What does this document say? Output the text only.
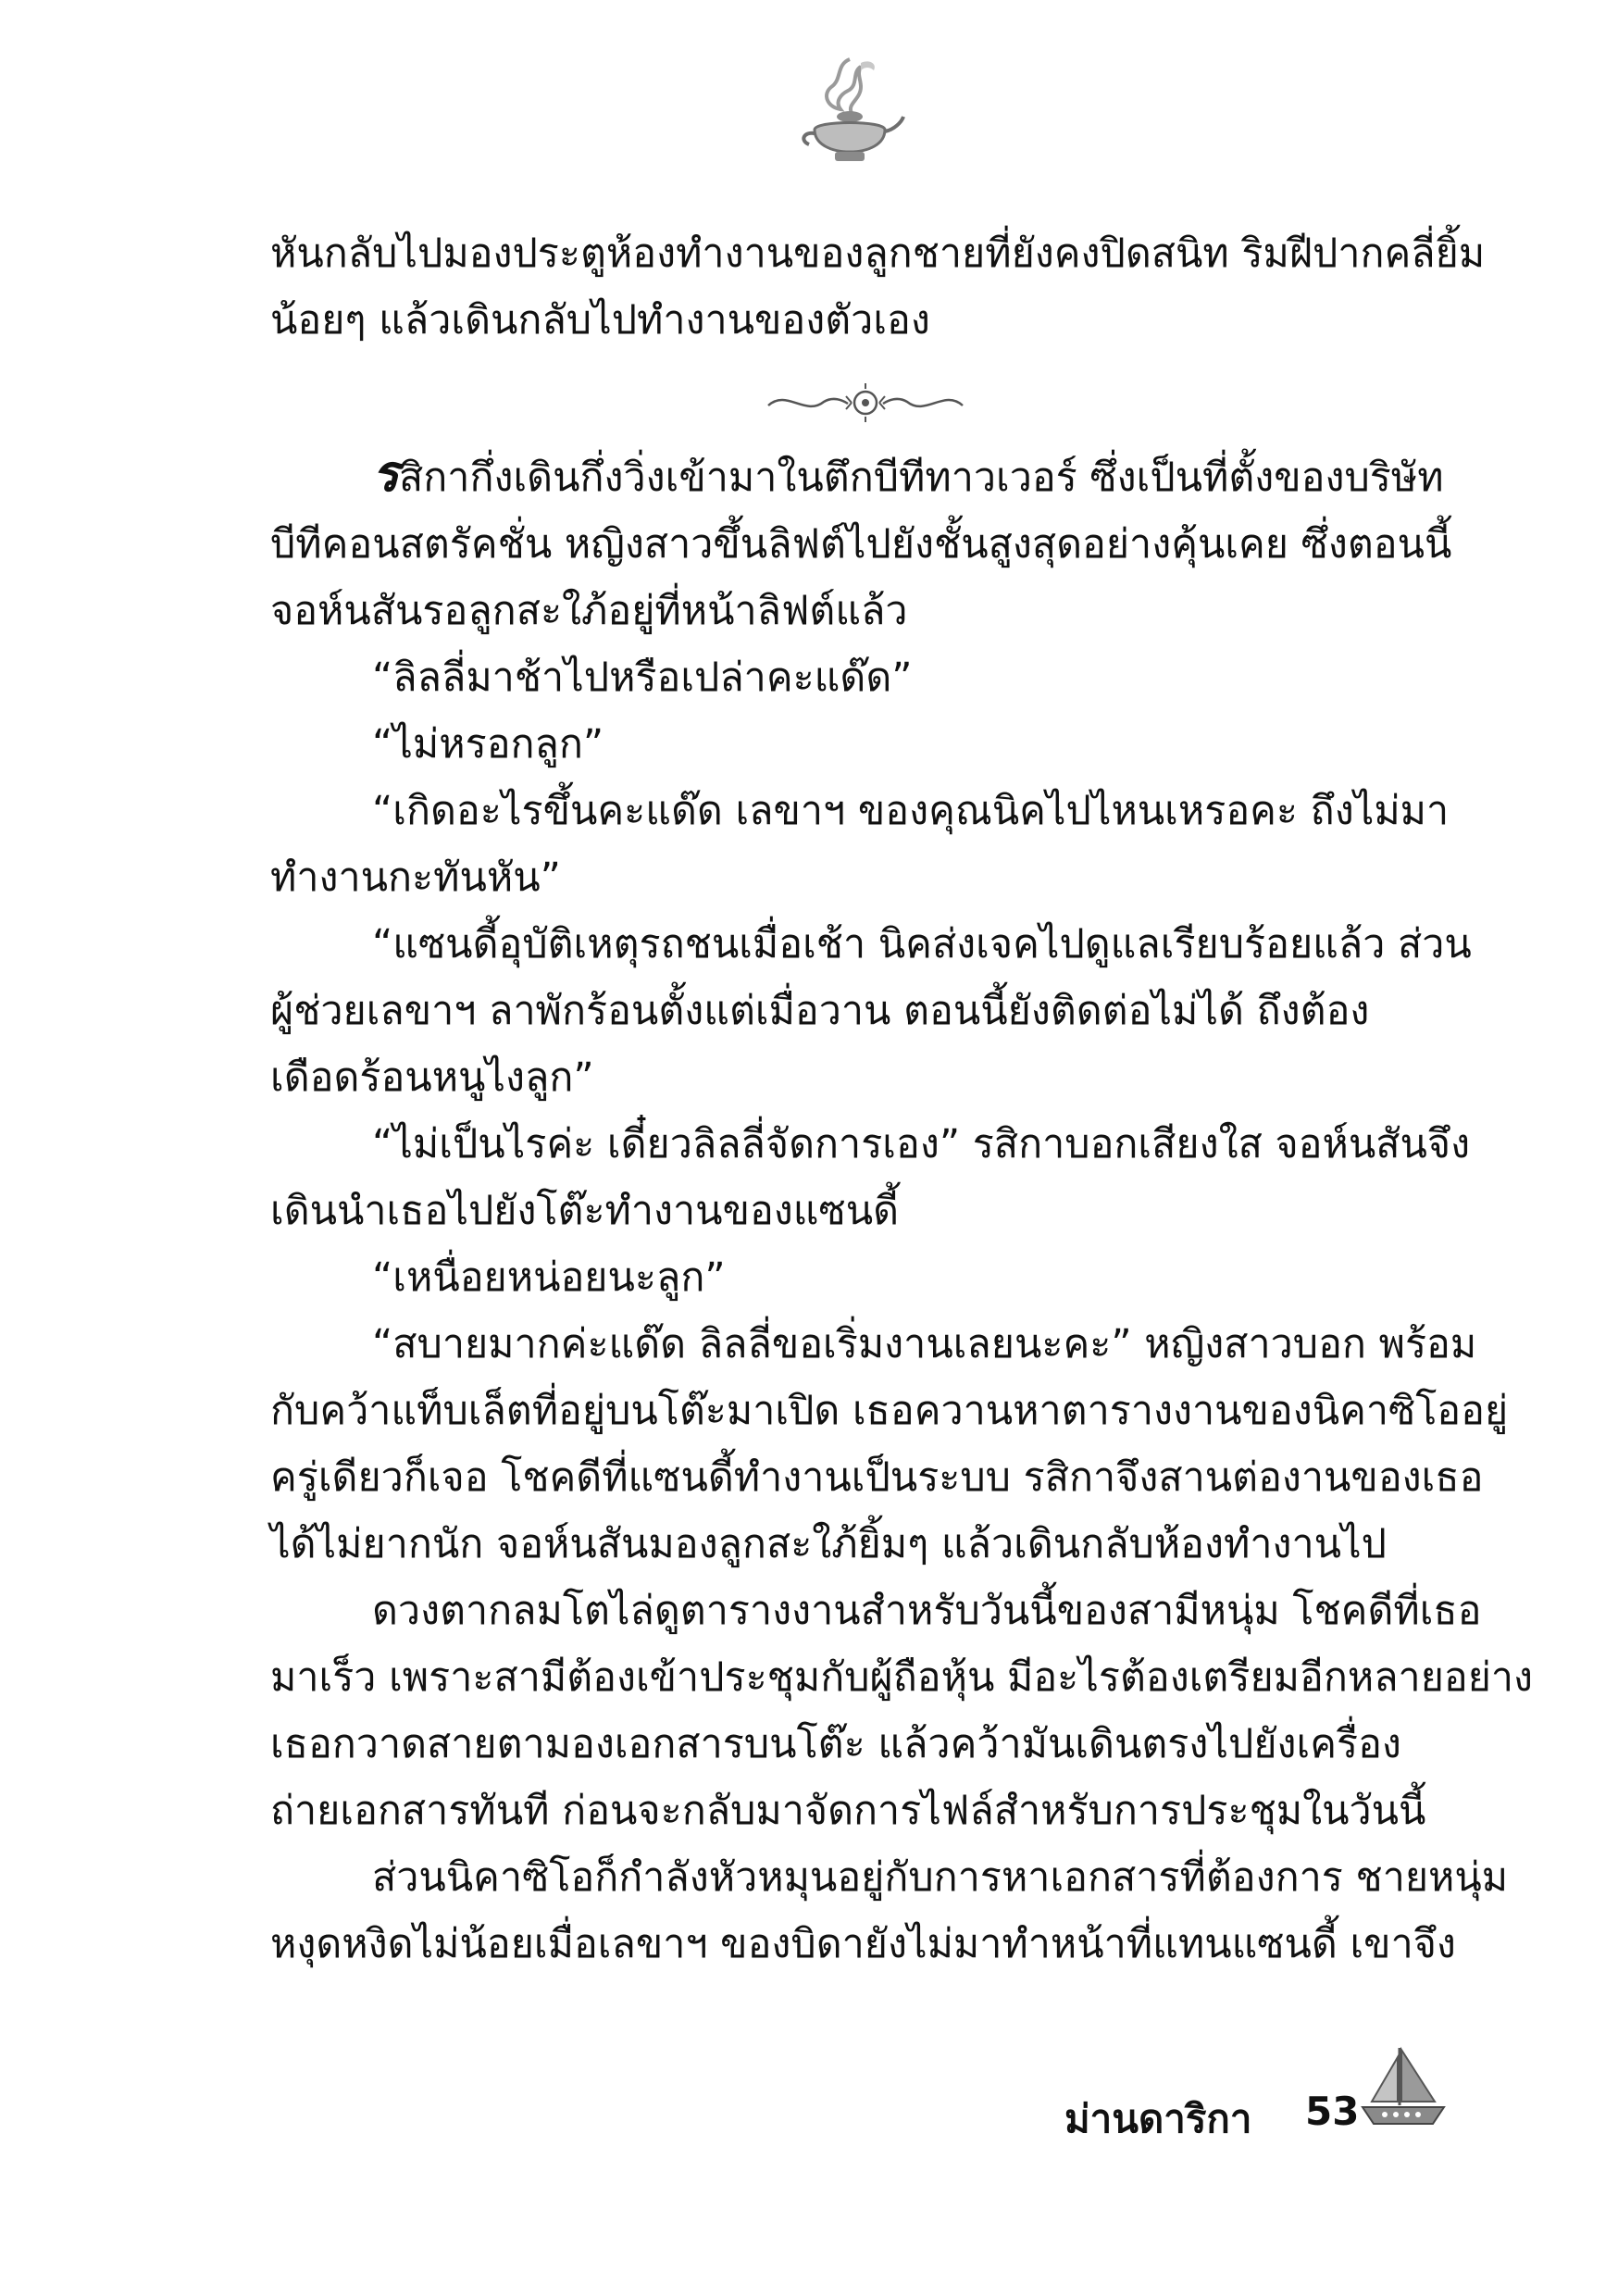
หันกลับไปมองประตูห้องทำงานของลูกชายที่ยังคงปิดสนิท ริมฝีปากคลี่ยิ้ม

น้อยๆ แล้วเดินกลับไปทำงานของตัวเอง

รสิกากึ่งเดินกึ่งวิ่งเข้ามาในตึกบีทีทาวเวอร์ ซึ่งเป็นที่ตั้งของบริษัท

บีทีคอนสตรัคชั่น หญิงสาวขึ้นลิฟต์ไปยังชั้นสูงสุดอย่างคุ้นเคย ซึ่งตอนนี้

จอห์นสันรอลูกสะใภ้อยู่ที่หน้าลิฟต์แล้ว

“ลิลลี่มาช้าไปหรือเปล่าคะแด๊ด”

“ไม่หรอกลูก”

“เกิดอะไรขึ้นคะแด๊ด เลขาฯ ของคุณนิคไปไหนเหรอคะ ถึงไม่มา

ทำงานกะทันหัน”

“แซนดี้อุบัติเหตุรถชนเมื่อเช้า นิคส่งเจคไปดูแลเรียบร้อยแล้ว ส่วน

ผู้ช่วยเลขาฯ ลาพักร้อนตั้งแต่เมื่อวาน ตอนนี้ยังติดต่อไม่ได้ ถึงต้อง

เดือดร้อนหนูไงลูก”

“ไม่เป็นไรค่ะ เดี๋ยวลิลลี่จัดการเอง” รสิกาบอกเสียงใส จอห์นสันจึง

เดินนำเธอไปยังโต๊ะทำงานของแซนดี้

“เหนื่อยหน่อยนะลูก”

“สบายมากค่ะแด๊ด ลิลลี่ขอเริ่มงานเลยนะคะ” หญิงสาวบอก พร้อม

กับคว้าแท็บเล็ตที่อยู่บนโต๊ะมาเปิด เธอควานหาตารางงานของนิคาซิโออยู่

ครู่เดียวก็เจอ โชคดีที่แซนดี้ทำงานเป็นระบบ รสิกาจึงสานต่องานของเธอ

ได้ไม่ยากนัก จอห์นสันมองลูกสะใภ้ยิ้มๆ แล้วเดินกลับห้องทำงานไป

ดวงตากลมโตไล่ดูตารางงานสำหรับวันนี้ของสามีหนุ่ม โชคดีที่เธอ

มาเร็ว เพราะสามีต้องเข้าประชุมกับผู้ถือหุ้น มีอะไรต้องเตรียมอีกหลายอย่าง

เธอกวาดสายตามองเอกสารบนโต๊ะ แล้วคว้ามันเดินตรงไปยังเครื่อง

ถ่ายเอกสารทันที ก่อนจะกลับมาจัดการไฟล์สำหรับการประชุมในวันนี้

ส่วนนิคาซิโอก็กำลังหัวหมุนอยู่กับการหาเอกสารที่ต้องการ ชายหนุ่ม

หงุดหงิดไม่น้อยเมื่อเลขาฯ ของบิดายังไม่มาทำหน้าที่แทนแซนดี้ เขาจึง

ม่านดาริกา 53
